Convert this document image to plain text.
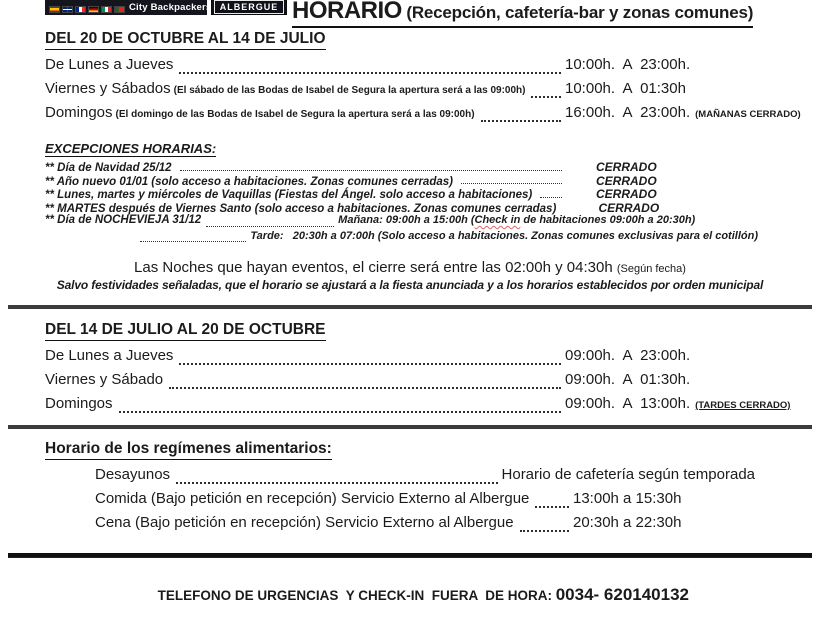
City Backpackers ALBERGUE HORARIO (Recepción, cafetería-bar y zonas comunes)
DEL 20 DE OCTUBRE AL 14 DE JULIO
De Lunes a Jueves	10:00h.  A  23:00h.
Viernes y Sábados (El sábado de las Bodas de Isabel de Segura la apertura será a las 09:00h)	10:00h.  A  01:30h
Domingos (El domingo de las Bodas de Isabel de Segura la apertura será a las 09:00h)	16:00h.  A  23:00h. (MAÑANAS CERRADO)
EXCEPCIONES HORARIAS:
** Día de Navidad 25/12	CERRADO
** Año nuevo 01/01 (solo acceso a habitaciones. Zonas comunes cerradas)	CERRADO
** Lunes, martes y miércoles de Vaquillas (Fiestas del Ángel. solo acceso a habitaciones)	CERRADO
** MARTES después de Viernes Santo (solo acceso a habitaciones. Zonas comunes cerradas)	CERRADO
** Día de NOCHEVIEJA 31/12	Mañana: 09:00h a 15:00h (Check in de habitaciones 09:00h a 20:30h)
Tarde:   20:30h a 07:00h (Solo acceso a habitaciones. Zonas comunes exclusivas para el cotillón)
Las Noches que hayan eventos, el cierre será entre las 02:00h y 04:30h (Según fecha)
Salvo festividades señaladas, que el horario se ajustará a la fiesta anunciada y a los horarios establecidos por orden municipal
DEL 14 DE JULIO AL 20 DE OCTUBRE
De Lunes a Jueves	09:00h.  A  23:00h.
Viernes y Sábado	09:00h.  A  01:30h.
Domingos	09:00h.  A  13:00h. (TARDES CERRADO)
Horario de los regímenes alimentarios:
Desayunos	Horario de cafetería según temporada
Comida (Bajo petición en recepción) Servicio Externo al Albergue	13:00h a 15:30h
Cena (Bajo petición en recepción) Servicio Externo al Albergue	20:30h a 22:30h

TELEFONO DE URGENCIAS  Y CHECK-IN  FUERA  DE HORA: 0034- 620140132
